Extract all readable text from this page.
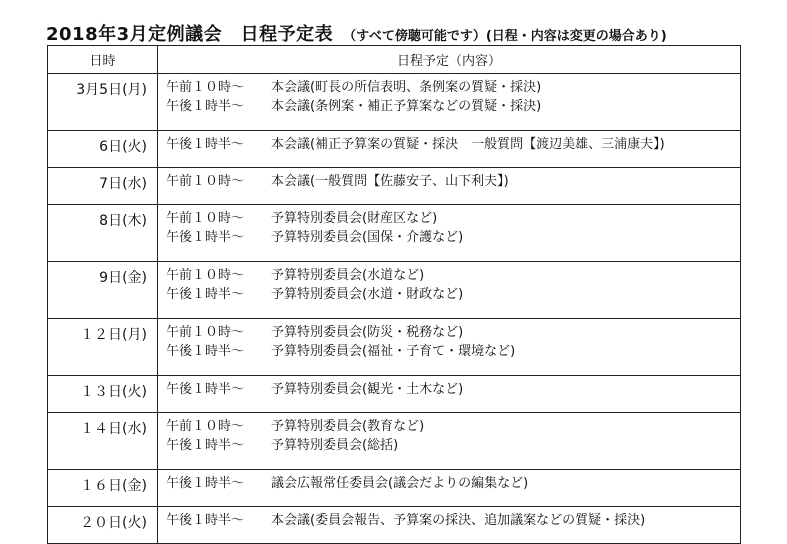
2018年3月定例議会　日程予定表 （すべて傍聴可能です）(日程・内容は変更の場合あり)
日時	日程予定（内容）
3月5日(月)	午前１０時～ 本会議(町長の所信表明、条例案の質疑・採決)
午後１時半～ 本会議(条例案・補正予算案などの質疑・採決)

6日(火)	午後１時半～ 本会議(補正予算案の質疑・採決　一般質問【渡辺美雄、三浦康夫】)

7日(水)	午前１０時～ 本会議(一般質問【佐藤安子、山下利夫】)

8日(木)	午前１０時～ 予算特別委員会(財産区など)
午後１時半～ 予算特別委員会(国保・介護など)

9日(金)	午前１０時～ 予算特別委員会(水道など)
午後１時半～ 予算特別委員会(水道・財政など)

１２日(月)	午前１０時～ 予算特別委員会(防災・税務など)
午後１時半～ 予算特別委員会(福祉・子育て・環境など)

１３日(火)	午後１時半～ 予算特別委員会(観光・土木など)

１４日(水)	午前１０時～ 予算特別委員会(教育など)
午後１時半～ 予算特別委員会(総括)

１６日(金)	午後１時半～ 議会広報常任委員会(議会だよりの編集など)

２０日(火)	午後１時半～ 本会議(委員会報告、予算案の採決、追加議案などの質疑・採決)
